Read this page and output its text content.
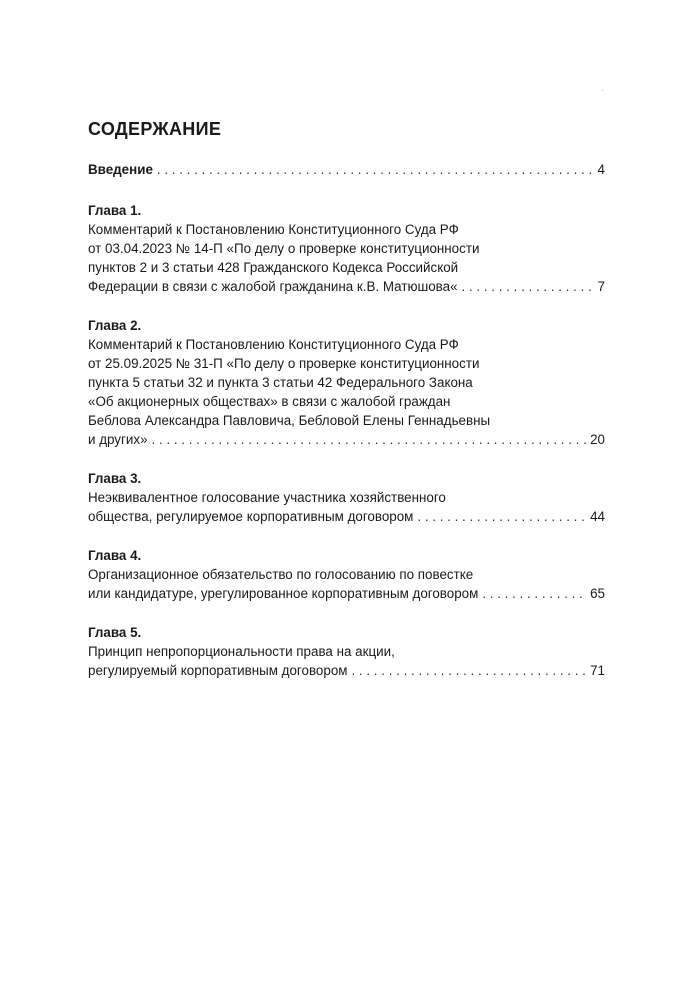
·
СОДЕРЖАНИЕ
Введение . . .	4
Глава 1.
Комментарий к Постановлению Конституционного Суда РФ
от 03.04.2023 № 14-П «По делу о проверке конституционности
пунктов 2 и 3 статьи 428 Гражданского Кодекса Российской
Федерации в связи с жалобой гражданина к.В. Матюшова« . . .	7
Глава 2.
Комментарий к Постановлению Конституционного Суда РФ
от 25.09.2025 № 31-П «По делу о проверке конституционности
пункта 5 статьи 32 и пункта 3 статьи 42 Федерального Закона
«Об акционерных обществах» в связи с жалобой граждан
Беблова Александра Павловича, Бебловой Елены Геннадьевны
и других» . . .	20
Глава 3.
Неэквивалентное голосование участника хозяйственного
общества, регулируемое корпоративным договором . . .	44
Глава 4.
Организационное обязательство по голосованию по повестке
или кандидатуре, урегулированное корпоративным договором . . .	65
Глава 5.
Принцип непропорциональности права на акции,
регулируемый корпоративным договором . . .	71
